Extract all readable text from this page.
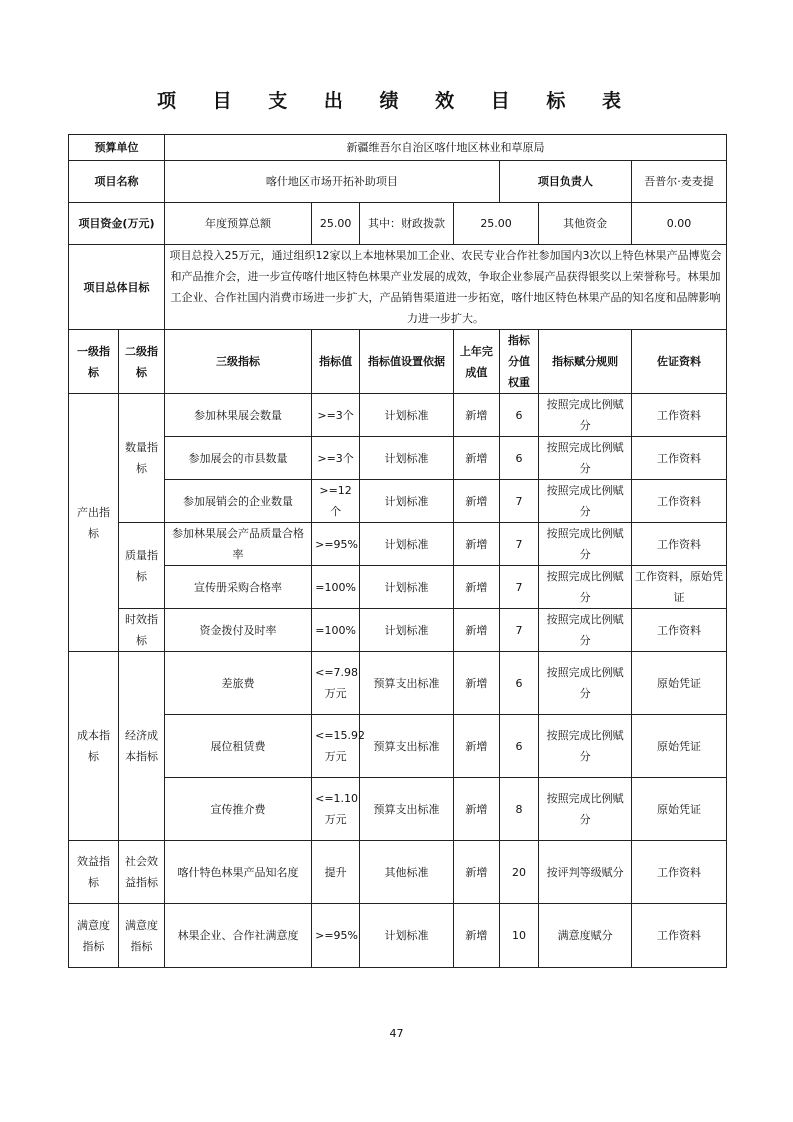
项 目 支 出 绩 效 目 标 表
预算单位		新疆维吾尔自治区喀什地区林业和草原局						
项目名称		喀什地区市场开拓补助项目				项目负责人		吾普尔·麦麦提
项目资金(万元)		年度预算总额	25.00	其中：财政拨款	25.00		其他资金	0.00
项目总体目标		项目总投入25万元，通过组织12家以上本地林果加工企业、农民专业合作社参加国内3次以上特色林果产品博览会和产品推介会，进一步宣传喀什地区特色林果产业发展的成效，争取企业参展产品获得银奖以上荣誉称号。林果加工企业、合作社国内消费市场进一步扩大，产品销售渠道进一步拓宽，喀什地区特色林果产品的知名度和品牌影响力进一步扩大。						
一级指标	二级指标	三级指标	指标值	指标值设置依据	上年完成值	指标分值权重	指标赋分规则	佐证资料
产出指标	数量指标	参加林果展会数量	>=3个	计划标准	新增	6	按照完成比例赋分	工作资料
		参加展会的市县数量	>=3个	计划标准	新增	6	按照完成比例赋分	工作资料
		参加展销会的企业数量	>=12个	计划标准	新增	7	按照完成比例赋分	工作资料
	质量指标	参加林果展会产品质量合格率	>=95%	计划标准	新增	7	按照完成比例赋分	工作资料
		宣传册采购合格率	=100%	计划标准	新增	7	按照完成比例赋分	工作资料，原始凭证
	时效指标	资金拨付及时率	=100%	计划标准	新增	7	按照完成比例赋分	工作资料
成本指标	经济成本指标	差旅费	<=7.98万元	预算支出标准	新增	6	按照完成比例赋分	原始凭证
		展位租赁费	<=15.92万元	预算支出标准	新增	6	按照完成比例赋分	原始凭证
		宣传推介费	<=1.10万元	预算支出标准	新增	8	按照完成比例赋分	原始凭证
效益指标	社会效益指标	喀什特色林果产品知名度	提升	其他标准	新增	20	按评判等级赋分	工作资料
满意度指标	满意度指标	林果企业、合作社满意度	>=95%	计划标准	新增	10	满意度赋分	工作资料
47
